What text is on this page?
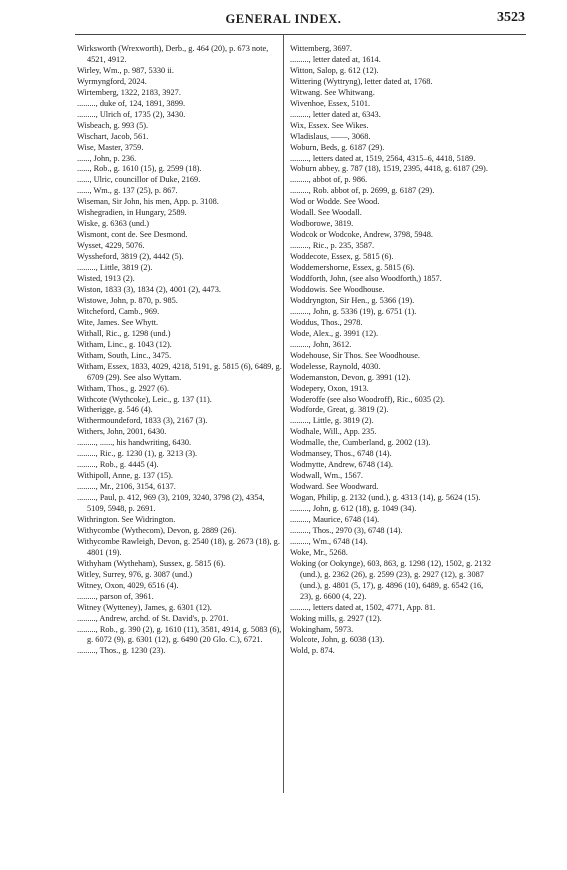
GENERAL INDEX.	3523
Wirksworth (Wrexworth), Derb., g. 464 (20), p. 673 note, 4521, 4912.
Wirley, Wm., p. 987, 5330 ii.
Wyrmyngford, 2024.
Wirtemberg, 1322, 2183, 3927.
........., duke of, 124, 1891, 3899.
........., Ulrich of, 1735 (2), 3430.
Wisbeach, g. 993 (5).
Wischart, Jacob, 561.
Wise, Master, 3759.
......, John, p. 236.
......, Rob., g. 1610 (15), g. 2599 (18).
......, Ulric, councillor of Duke, 2169.
......, Wm., g. 137 (25), p. 867.
Wiseman, Sir John, his men, App. p. 3108.
Wishegradien, in Hungary, 2589.
Wiske, g. 6363 (und.)
Wismont, cont de. See Desmond.
Wysset, 4229, 5076.
Wyssheford, 3819 (2), 4442 (5).
........., Little, 3819 (2).
Wisted, 1913 (2).
Wiston, 1833 (3), 1834 (2), 4001 (2), 4473.
Wistowe, John, p. 870, p. 985.
Witcheford, Camb., 969.
Wite, James. See Whytt.
Withall, Ric., g. 1298 (und.)
Witham, Linc., g. 1043 (12).
Witham, South, Linc., 3475.
Witham, Essex, 1833, 4029, 4218, 5191, g. 5815 (6), 6489, g. 6709 (29). See also Wyttam.
Witham, Thos., g. 2927 (6).
Withcote (Wythcoke), Leic., g. 137 (11).
Witherigge, g. 546 (4).
Withermoundeford, 1833 (3), 2167 (3).
Withers, John, 2001, 6430.
........., ......, his handwriting, 6430.
........., Ric., g. 1230 (1), g. 3213 (3).
........., Rob., g. 4445 (4).
Withipoll, Anne, g. 137 (15).
........., Mr., 2106, 3154, 6137.
........., Paul, p. 412, 969 (3), 2109, 3240, 3798 (2), 4354, 5109, 5948, p. 2691.
Withrington. See Widrington.
Withycombe (Wythecom), Devon, g. 2889 (26).
Withycombe Rawleigh, Devon, g. 2540 (18), g. 2673 (18), g. 4801 (19).
Withyham (Wytheham), Sussex, g. 5815 (6).
Witley, Surrey, 976, g. 3087 (und.)
Witney, Oxon, 4029, 6516 (4).
........., parson of, 3961.
Witney (Wytteney), James, g. 6301 (12).
........., Andrew, archd. of St. David's, p. 2701.
........., Rob., g. 390 (2), g. 1610 (11), 3581, 4914, g. 5083 (6), g. 6072 (9), g. 6301 (12), g. 6490 (20 Glo. C.), 6721.
........., Thos., g. 1230 (23).
Wittemberg, 3697.
........., letter dated at, 1614.
Witton, Salop, g. 612 (12).
Wittering (Wyttryng), letter dated at, 1768.
Witwang. See Whitwang.
Wivenhoe, Essex, 5101.
........., letter dated at, 6343.
Wix, Essex. See Wikes.
Wladislaus, ——, 3068.
Woburn, Beds, g. 6187 (29).
........., letters dated at, 1519, 2564, 4315–6, 4418, 5189.
Woburn abbey, g. 787 (18), 1519, 2395, 4418, g. 6187 (29).
........., abbot of, p. 986.
........., Rob. abbot of, p. 2699, g. 6187 (29).
Wod or Wodde. See Wood.
Wodall. See Woodall.
Wodborowe, 3819.
Wodcok or Wodcoke, Andrew, 3798, 5948.
........., Ric., p. 235, 3587.
Woddecote, Essex, g. 5815 (6).
Woddemershorne, Essex, g. 5815 (6).
Woddforth, John, (see also Woodforth,) 1857.
Woddowis. See Woodhouse.
Woddryngton, Sir Hen., g. 5366 (19).
........., John, g. 5336 (19), g. 6751 (1).
Woddus, Thos., 2978.
Wode, Alex., g. 3991 (12).
........., John, 3612.
Wodehouse, Sir Thos. See Woodhouse.
Wodelesse, Raynold, 4030.
Wodemanston, Devon, g. 3991 (12).
Wodepery, Oxon, 1913.
Woderoffe (see also Woodroff), Ric., 6035 (2).
Wodforde, Great, g. 3819 (2).
........., Little, g. 3819 (2).
Wodhale, Will., App. 235.
Wodmalle, the, Cumberland, g. 2002 (13).
Wodmansey, Thos., 6748 (14).
Wodmytte, Andrew, 6748 (14).
Wodwall, Wm., 1567.
Wodward. See Woodward.
Wogan, Philip, g. 2132 (und.), g. 4313 (14), g. 5624 (15).
........., John, g. 612 (18), g. 1049 (34).
........., Maurice, 6748 (14).
........., Thos., 2970 (3), 6748 (14).
........., Wm., 6748 (14).
Woke, Mr., 5268.
Woking (or Ookynge), 603, 863, g. 1298 (12), 1502, g. 2132 (und.), g. 2362 (26), g. 2599 (23), g. 2927 (12), g. 3087 (und.), g. 4801 (5, 17), g. 4896 (10), 6489, g. 6542 (16, 23), g. 6600 (4, 22).
........., letters dated at, 1502, 4771, App. 81.
Woking mills, g. 2927 (12).
Wokingham, 5973.
Wolcote, John, g. 6038 (13).
Wold, p. 874.
